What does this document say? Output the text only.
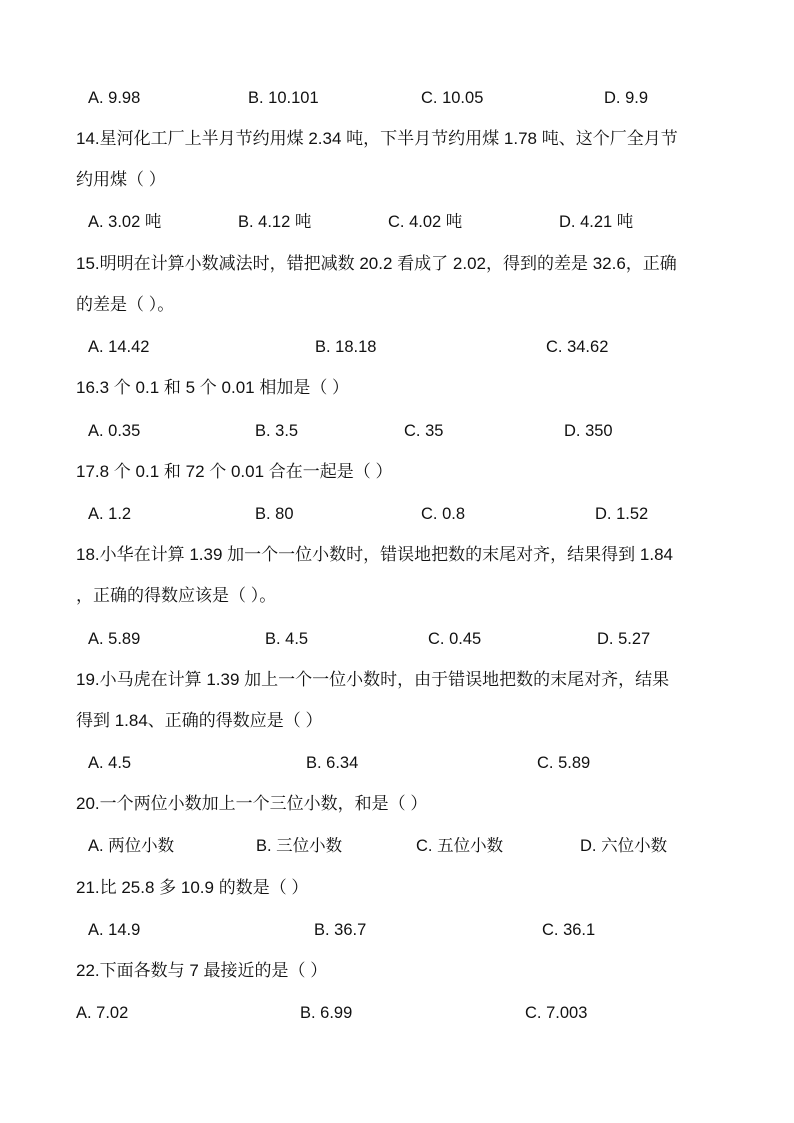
A. 9.98	B. 10.101	C. 10.05	D. 9.9
14.星河化工厂上半月节约用煤 2.34 吨，下半月节约用煤 1.78 吨、这个厂全月节
约用煤（ ）
A. 3.02 吨	B. 4.12 吨	C. 4.02 吨	D. 4.21 吨
15.明明在计算小数减法时，错把减数 20.2 看成了 2.02，得到的差是 32.6，正确
的差是（ ）。
A. 14.42	B. 18.18	C. 34.62
16.3 个 0.1 和 5 个 0.01 相加是（ ）
A. 0.35	B. 3.5	C. 35	D. 350
17.8 个 0.1 和 72 个 0.01 合在一起是（ ）
A. 1.2	B. 80	C. 0.8	D. 1.52
18.小华在计算 1.39 加一个一位小数时，错误地把数的末尾对齐，结果得到 1.84
，正确的得数应该是（ ）。
A. 5.89	B. 4.5	C. 0.45	D. 5.27
19.小马虎在计算 1.39 加上一个一位小数时，由于错误地把数的末尾对齐，结果
得到 1.84、正确的得数应是（ ）
A. 4.5	B. 6.34	C. 5.89
20.一个两位小数加上一个三位小数，和是（ ）
A. 两位小数	B. 三位小数	C. 五位小数	D. 六位小数
21.比 25.8 多 10.9 的数是（ ）
A. 14.9	B. 36.7	C. 36.1
22.下面各数与 7 最接近的是（ ）
A. 7.02	B. 6.99	C. 7.003
